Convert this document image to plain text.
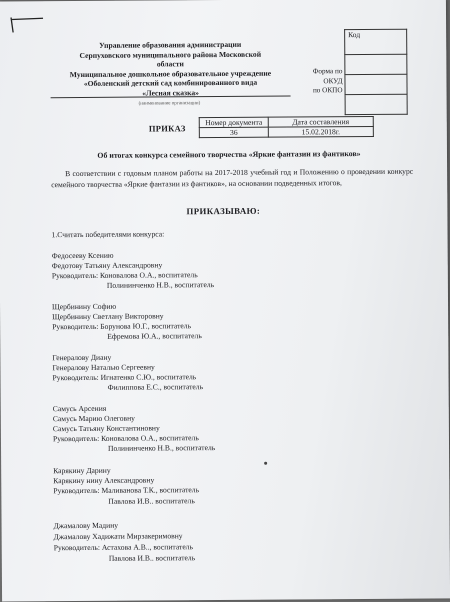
Управление образования администрации
Серпуховского муниципального района Московской
области
Муниципальное дошкольное образовательное учреждение
«Оболенский детский сад комбинированного вида
«Лесная сказка»
(наименование организации)
Форма по
ОКУД
по ОКПО
Код

ПРИКАЗ
Номер документа	Дата составления
36	15.02.2018г.
Об итогах конкурса семейного творчества «Яркие фантазии из фантиков»
В соответствии с годовым планом работы на 2017-2018 учебный год и Положению о проведении конкурс семейного творчества «Яркие фантазии из фантиков», на основании подведенных итогов,
ПРИКАЗЫВАЮ:
1.Считать победителями конкурса:
Федосееву Ксению
Федотову Татьяну Александровну
Руководитель: Коновалова О.А., воспитатель
Полининченко Н.В., воспитатель
Щербинину Софию
Щербинину Светлану Викторовну
Руководитель: Борунова Ю.Г., воспитатель
Ефремова Ю.А., воспитатель
Генералову Диану
Генералову Наталью Сергеевну
Руководитель: Игнатенко С.Ю., воспитатель
Филиппова Е.С., воспитатель
Самусь Арсения
Самусь Марию Олеговну
Самусь Татьяну Константиновну
Руководитель: Коновалова О.А., воспитатель
Полининченко Н.В., воспитатель
Карякину Дарину
Карякину нину Александровну
Руководитель: Маливанова Т.К., воспитатель
Павлова И.В.. воспитатель
Джамалову Мадину
Джамалову Хадижати Мирзакеримовну
Руководитель: Астахова А.В.., воспитатель
Павлова И.В.. воспитатель
